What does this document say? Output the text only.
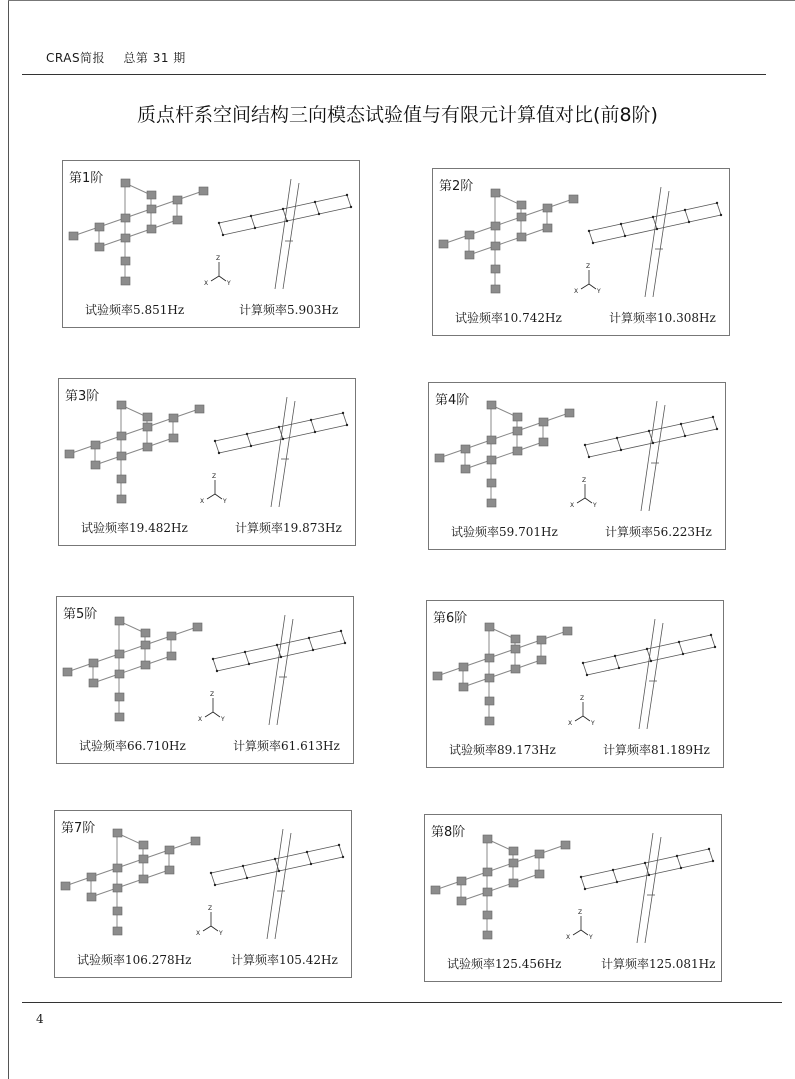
CRAS简报 总第 31 期
质点杆系空间结构三向模态试验值与有限元计算值对比(前8阶)
Z
X	Y
第1阶
试验频率5.851Hz	计算频率5.903Hz
Z
X	Y
第2阶
试验频率10.742Hz	计算频率10.308Hz
Z
X	Y
第3阶
试验频率19.482Hz	计算频率19.873Hz
Z
X	Y
第4阶
试验频率59.701Hz	计算频率56.223Hz
Z
X	Y
第5阶
试验频率66.710Hz	计算频率61.613Hz
Z
X	Y
第6阶
试验频率89.173Hz	计算频率81.189Hz
Z
X	Y
第7阶
试验频率106.278Hz	计算频率105.42Hz
Z
X	Y
第8阶
试验频率125.456Hz	计算频率125.081Hz
4
